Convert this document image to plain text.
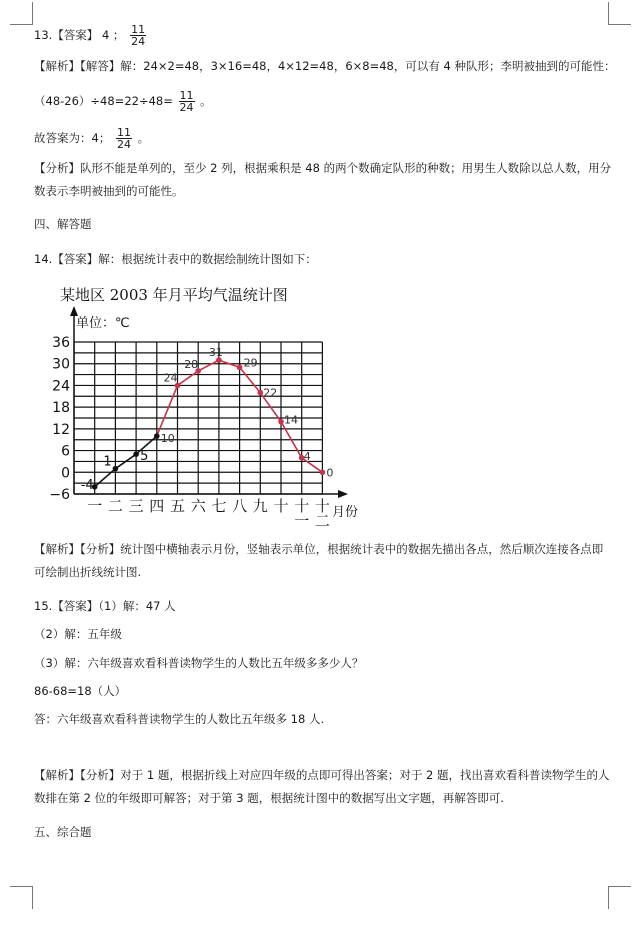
13.【答案】 4 ； $\frac{11}{24}$
【解析】【解答】解：24×2=48，3×16=48，4×12=48，6×8=48，可以有 4 种队形；李明被抽到的可能性：
$(48-26)\div 48=22\div 48= \frac{11}{24}$ 。
故答案为：4； $\frac{11}{24}$ 。
【分析】队形不能是单列的，至少 2 列，根据乘积是 48 的两个数确定队形的种数；用男生人数除以总人数，用分数表示李明被抽到的可能性。
四、解答题
14.【答案】解：根据统计表中的数据绘制统计图如下：
某地区 2003 年月平均气温统计图
单位：℃
36
30
24
18
12
6
0
−6
一 二 三 四 五 六 七 八 九 十 十
一
十
二
-4
1 5
10
24
28
31
29
22
14
4
0
月份
【解析】【分析】统计图中横轴表示月份，竖轴表示单位，根据统计表中的数据先描出各点，然后顺次连接各点即可绘制出折线统计图.
15.【答案】（1）解：47 人
（2）解：五年级
（3）解：六年级喜欢看科普读物学生的人数比五年级多多少人？
86-68=18（人）
答：六年级喜欢看科普读物学生的人数比五年级多 18 人.
【解析】【分析】对于 1 题，根据折线上对应四年级的点即可得出答案；对于 2 题，找出喜欢看科普读物学生的人数排在第 2 位的年级即可解答；对于第 3 题，根据统计图中的数据写出文字题，再解答即可.
五、综合题
